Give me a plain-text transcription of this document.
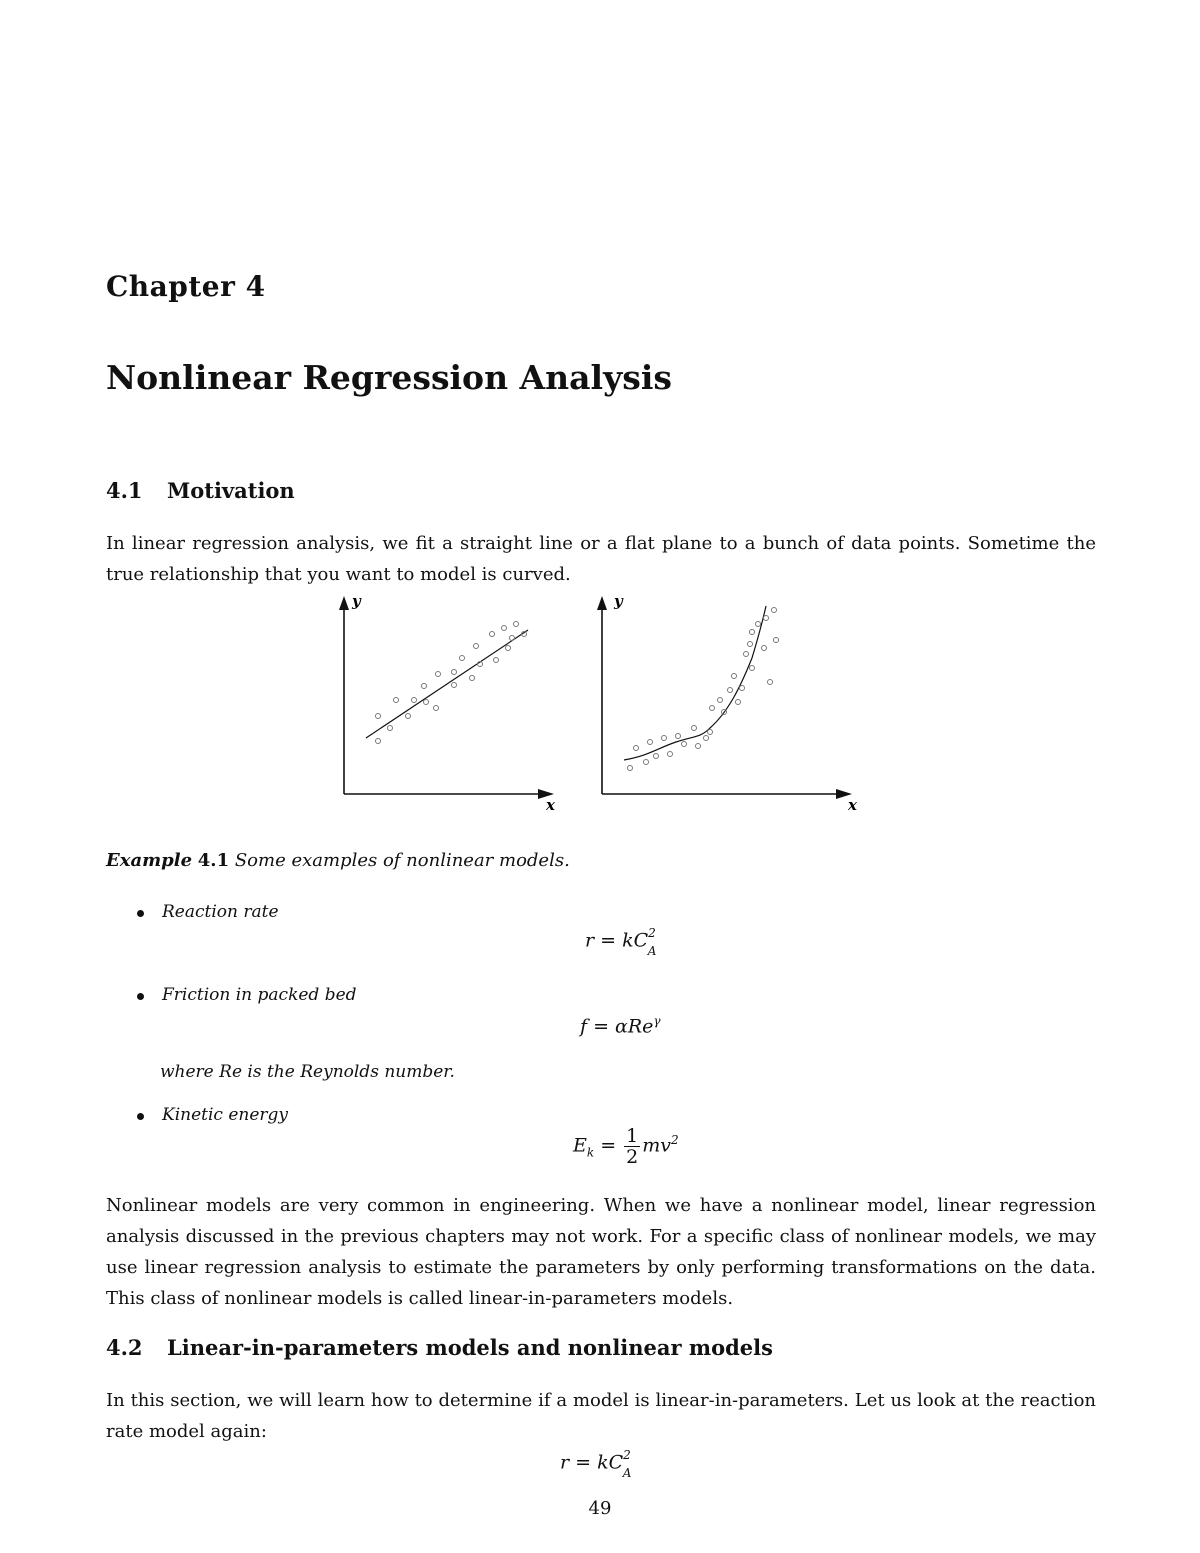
Chapter 4
Nonlinear Regression Analysis
4.1 Motivation
In linear regression analysis, we fit a straight line or a flat plane to a bunch of data points. Sometime the true relationship that you want to model is curved.
y
x
y
x
Example 4.1 Some examples of nonlinear models.
Reaction rate
$r = kC^2_A$
Friction in packed bed
f = αRe$^\gamma$
where Re is the Reynolds number.
Kinetic energy
$E_k = \frac{1}{2} mv^2$
Nonlinear models are very common in engineering. When we have a nonlinear model, linear regression analysis discussed in the previous chapters may not work. For a specific class of nonlinear models, we may use linear regression analysis to estimate the parameters by only performing transformations on the data. This class of nonlinear models is called linear-in-parameters models.
4.2 Linear-in-parameters models and nonlinear models
In this section, we will learn how to determine if a model is linear-in-parameters. Let us look at the reaction rate model again:
$r = kC^2_A$
49
